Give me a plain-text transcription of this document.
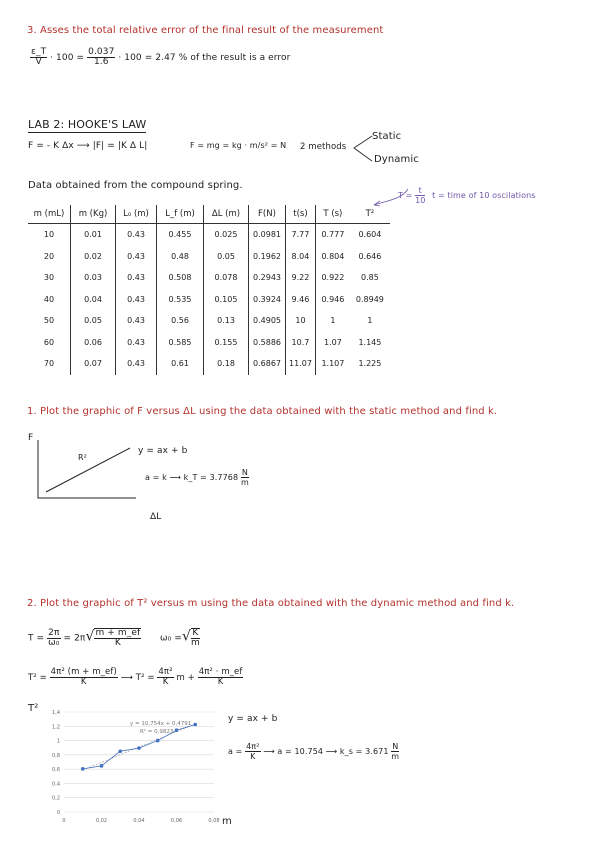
3. Asses the total relative error of the final result of the measurement
$\frac{\varepsilon\_T}{V} \cdot 100 = \frac{0.037}{1.6} \cdot 100 = 2.47$ % of the result is a error
LAB 2: HOOKE'S LAW
F = - K Δx ⟶ |F| = |K Δ L|	F = mg = kg · m/s² = N 2 methods
Static
Dynamic
Data obtained from the compound spring.
$T = \frac{t}{10}$ t = time of 10 oscilations
m (mL)	m (Kg)	L₀ (m)	L_f (m)	ΔL (m)	F(N)	t(s)	T (s)	T²
10	0.01	0.43	0.455	0.025	0.0981	7.77	0.777	0.604
20	0.02	0.43	0.48	0.05	0.1962	8.04	0.804	0.646
30	0.03	0.43	0.508	0.078	0.2943	9.22	0.922	0.85
40	0.04	0.43	0.535	0.105	0.3924	9.46	0.946	0.8949
50	0.05	0.43	0.56	0.13	0.4905	10	1	1
60	0.06	0.43	0.585	0.155	0.5886	10.7	1.07	1.145
70	0.07	0.43	0.61	0.18	0.6867	11.07	1.107	1.225
1. Plot the graphic of F versus ΔL using the data obtained with the static method and find k.
F
R²
y = ax + b
a = k ⟶ k_T = $3.7768 \frac{N}{m}$
ΔL
2. Plot the graphic of T² versus m using the data obtained with the dynamic method and find k.
$T = \frac{2\pi}{\text{ω₀}} = 2\pi√ \frac{m + m\_ef}{K} \omega_0$ =√ $\frac{K}{m}$
$T^2 = \frac{\text{4π² (m + m\_ef)}}{K}$ ⟶ $T^2 = \frac{\text{4π²}}{K}$ $m + \frac{\text{4π² · m\_ef}}{K}$
y = ax + b
$a = \frac{\text{4π²}}{K}$ ⟶ a = 10.754 ⟶ k_s = $3.671 \frac{N}{m}$
T²
m
0
0,2
0,4
0,6
0,8
1
1,2
1,4
0	0,02	0,04	0,06	0,08
y = 10,754x + 0,4791
R² = 0,9823
